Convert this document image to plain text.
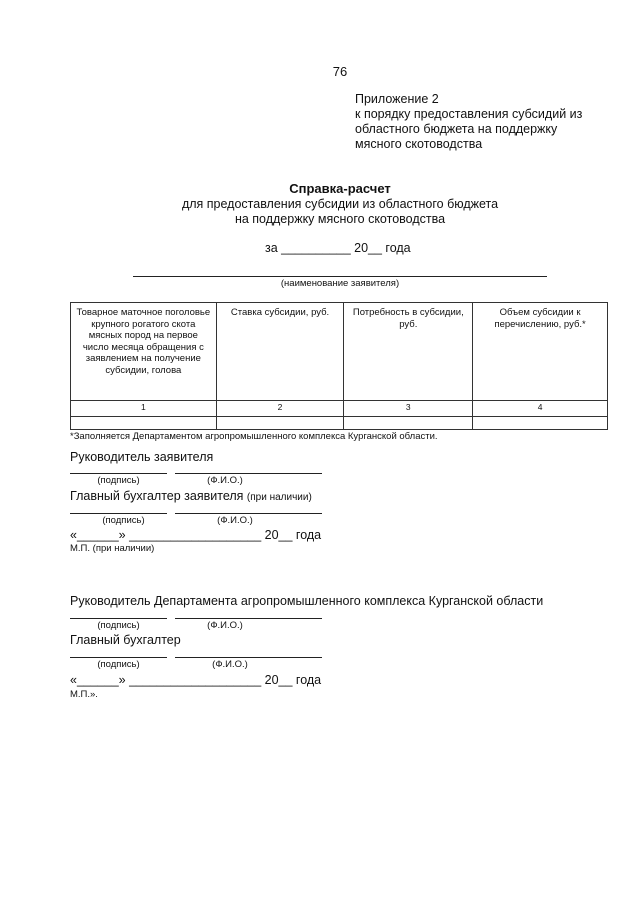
76
Приложение 2
к порядку предоставления субсидий из
областного бюджета на поддержку
мясного скотоводства
Справка-расчет
для предоставления субсидии из областного бюджета
на поддержку мясного скотоводства
за __________ 20__ года
(наименование заявителя)
Товарное маточное поголовье крупного рогатого скота мясных пород на первое число месяца обращения с заявлением на получение субсидии, голова	Ставка субсидии, руб.	Потребность в субсидии, руб.	Объем субсидии к перечислению, руб.*
1	2	3	4

*Заполняется Департаментом агропромышленного комплекса Курганской области.
Руководитель заявителя
(подпись)	(Ф.И.О.)
Главный бухгалтер заявителя (при наличии)
(подпись)	(Ф.И.О.)
«______» ___________________ 20__ года
М.П. (при наличии)
Руководитель Департамента агропромышленного комплекса Курганской области
(подпись)	(Ф.И.О.)
Главный бухгалтер
(подпись)	(Ф.И.О.)
«______» ___________________ 20__ года
М.П.».
